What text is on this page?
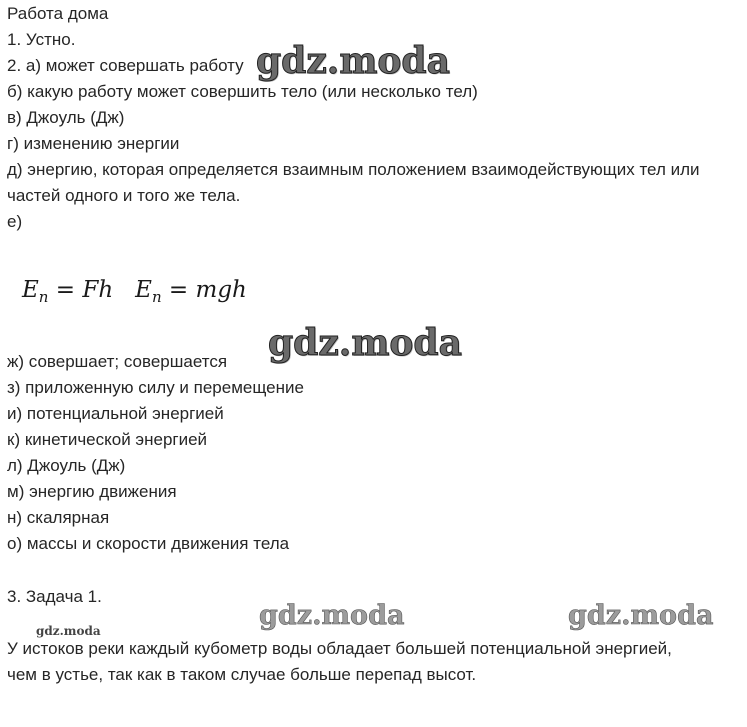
Работа дома
1. Устно.
2. а) может совершать работу
б) какую работу может совершить тело (или несколько тел)
в) Джоуль (Дж)
г) изменению энергии
д) энергию, которая определяется взаимным положением взаимодействующих тел или
частей одного и того же тела.
е)
$E_n = Fh$ $E_n$ = mgh
ж) совершает; совершается
з) приложенную силу и перемещение
и) потенциальной энергией
к) кинетической энергией
л) Джоуль (Дж)
м) энергию движения
н) скалярная
о) массы и скорости движения тела
3. Задача 1.
У истоков реки каждый кубометр воды обладает большей потенциальной энергией,
чем в устье, так как в таком случае больше перепад высот.
gdz.moda
gdz.moda
gdz.moda	gdz.moda
gdz.moda
